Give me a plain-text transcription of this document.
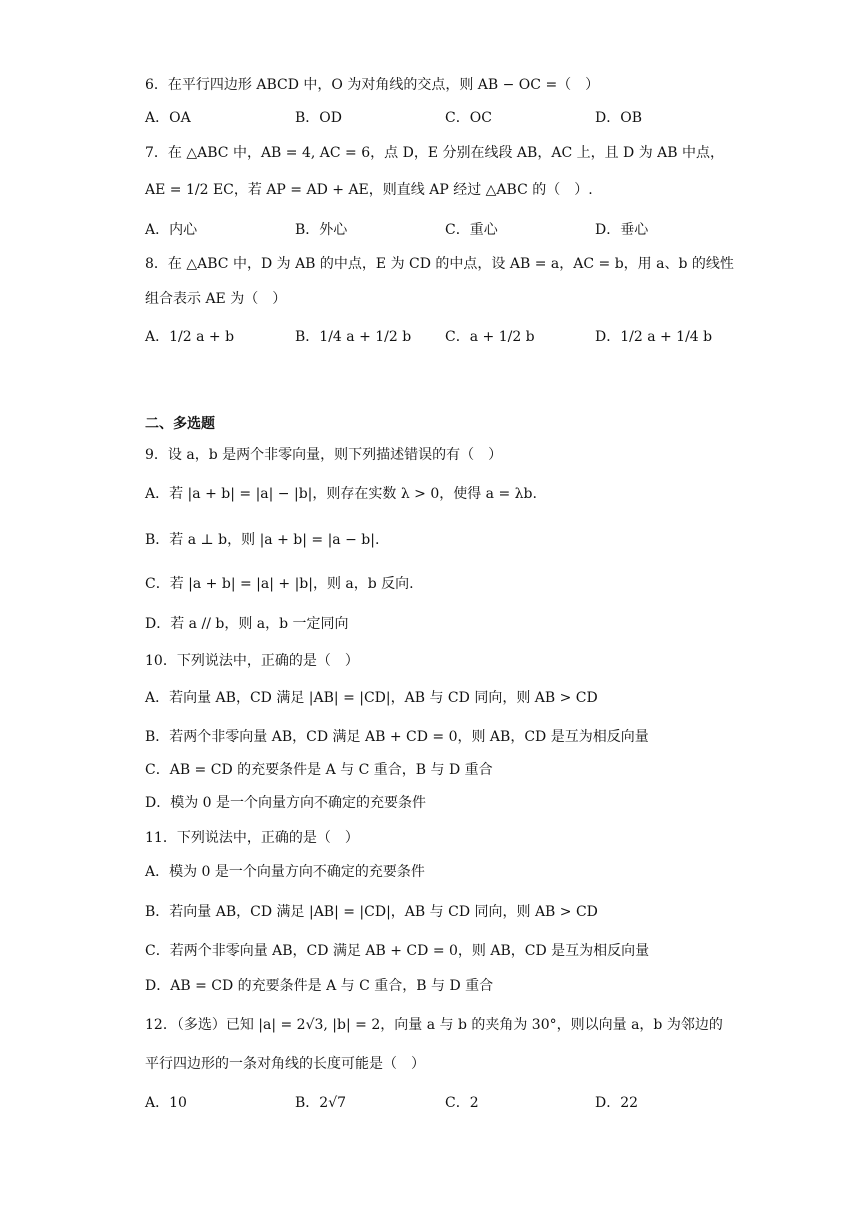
6．在平行四边形 ABCD 中，O 为对角线的交点，则 AB − OC =（　）
A．OA	B．OD	C．OC	D．OB
7．在 △ABC 中，AB = 4, AC = 6，点 D，E 分别在线段 AB，AC 上，且 D 为 AB 中点，
AE = 1/2 EC，若 AP = AD + AE，则直线 AP 经过 △ABC 的（　）.
A．内心	B．外心	C．重心	D．垂心
8．在 △ABC 中，D 为 AB 的中点，E 为 CD 的中点，设 AB = a，AC = b，用 a、b 的线性
组合表示 AE 为（　）
A．1/2 a + b	B．1/4 a + 1/2 b C．a + 1/2 b	D．1/2 a + 1/4 b
二、多选题
9．设 a，b 是两个非零向量，则下列描述错误的有（　）
A．若 |a + b| = |a| − |b|，则存在实数 λ > 0，使得 a = λb.
B．若 a ⊥ b，则 |a + b| = |a − b|.
C．若 |a + b| = |a| + |b|，则 a，b 反向.
D．若 a // b，则 a，b 一定同向
10．下列说法中，正确的是（　）
A．若向量 AB，CD 满足 |AB| = |CD|，AB 与 CD 同向，则 AB > CD
B．若两个非零向量 AB，CD 满足 AB + CD = 0，则 AB，CD 是互为相反向量
C．AB = CD 的充要条件是 A 与 C 重合，B 与 D 重合
D．模为 0 是一个向量方向不确定的充要条件
11．下列说法中，正确的是（　）
A．模为 0 是一个向量方向不确定的充要条件
B．若向量 AB，CD 满足 |AB| = |CD|，AB 与 CD 同向，则 AB > CD
C．若两个非零向量 AB，CD 满足 AB + CD = 0，则 AB，CD 是互为相反向量
D．AB = CD 的充要条件是 A 与 C 重合，B 与 D 重合
12．（多选）已知 |a| = 2√3, |b| = 2，向量 a 与 b 的夹角为 30°，则以向量 a，b 为邻边的
平行四边形的一条对角线的长度可能是（　）
A．10	B．2√7	C．2	D．22
